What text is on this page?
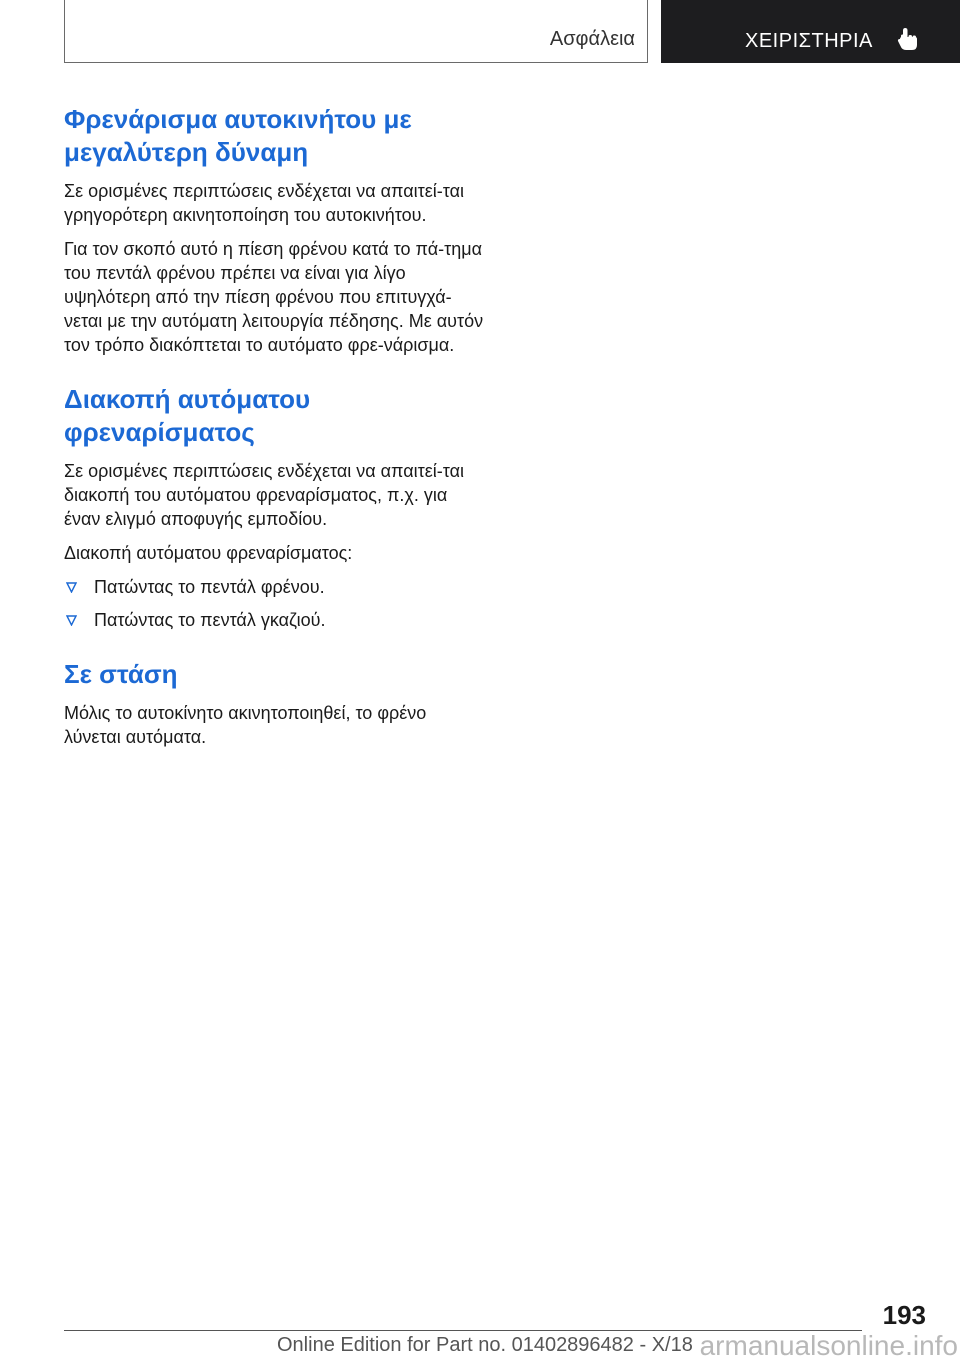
Ασφάλεια	ΧΕΙΡΙΣΤΗΡΙΑ
Φρενάρισμα αυτοκινήτου με μεγαλύτερη δύναμη

Σε ορισμένες περιπτώσεις ενδέχεται να απαιτεί-ται γρηγορότερη ακινητοποίηση του αυτοκινήτου.

Για τον σκοπό αυτό η πίεση φρένου κατά το πά-τημα του πεντάλ φρένου πρέπει να είναι για λίγο υψηλότερη από την πίεση φρένου που επιτυγχά-νεται με την αυτόματη λειτουργία πέδησης. Με αυτόν τον τρόπο διακόπτεται το αυτόματο φρε-νάρισμα.

Διακοπή αυτόματου φρεναρίσματος

Σε ορισμένες περιπτώσεις ενδέχεται να απαιτεί-ται διακοπή του αυτόματου φρεναρίσματος, π.χ. για έναν ελιγμό αποφυγής εμποδίου.

Διακοπή αυτόματου φρεναρίσματος:

Πατώντας το πεντάλ φρένου.
Πατώντας το πεντάλ γκαζιού.
Σε στάση

Μόλις το αυτοκίνητο ακινητοποιηθεί, το φρένο λύνεται αυτόματα.

193
Online Edition for Part no. 01402896482 - X/18 armanualsonline.info
